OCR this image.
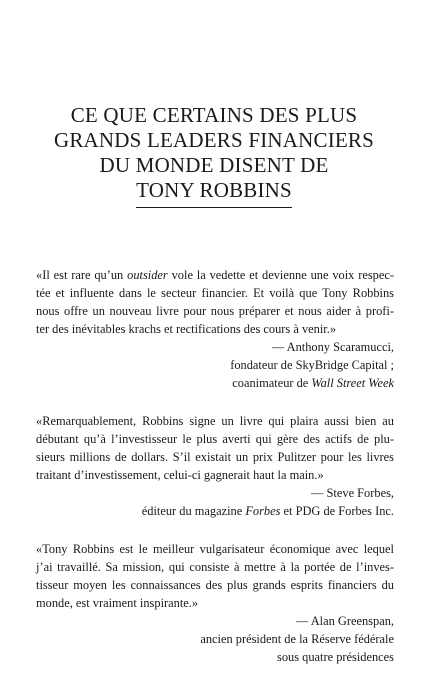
CE QUE CERTAINS DES PLUS
GRANDS LEADERS FINANCIERS
DU MONDE DISENT DE
TONY ROBBINS

«Il est rare qu’un outsider vole la vedette et devienne une voix respec-
tée et influente dans le secteur financier. Et voilà que Tony Robbins
nous offre un nouveau livre pour nous préparer et nous aider à profi-
ter des inévitables krachs et rectifications des cours à venir.»

— Anthony Scaramucci,
fondateur de SkyBridge Capital ;
coanimateur de Wall Street Week

«Remarquablement, Robbins signe un livre qui plaira aussi bien au
débutant qu’à l’investisseur le plus averti qui gère des actifs de plu-
sieurs millions de dollars. S’il existait un prix Pulitzer pour les livres
traitant d’investissement, celui-ci gagnerait haut la main.»

— Steve Forbes,
éditeur du magazine Forbes et PDG de Forbes Inc.

«Tony Robbins est le meilleur vulgarisateur économique avec lequel
j’ai travaillé. Sa mission, qui consiste à mettre à la portée de l’inves-
tisseur moyen les connaissances des plus grands esprits financiers du
monde, est vraiment inspirante.»

— Alan Greenspan,
ancien président de la Réserve fédérale
sous quatre présidences
